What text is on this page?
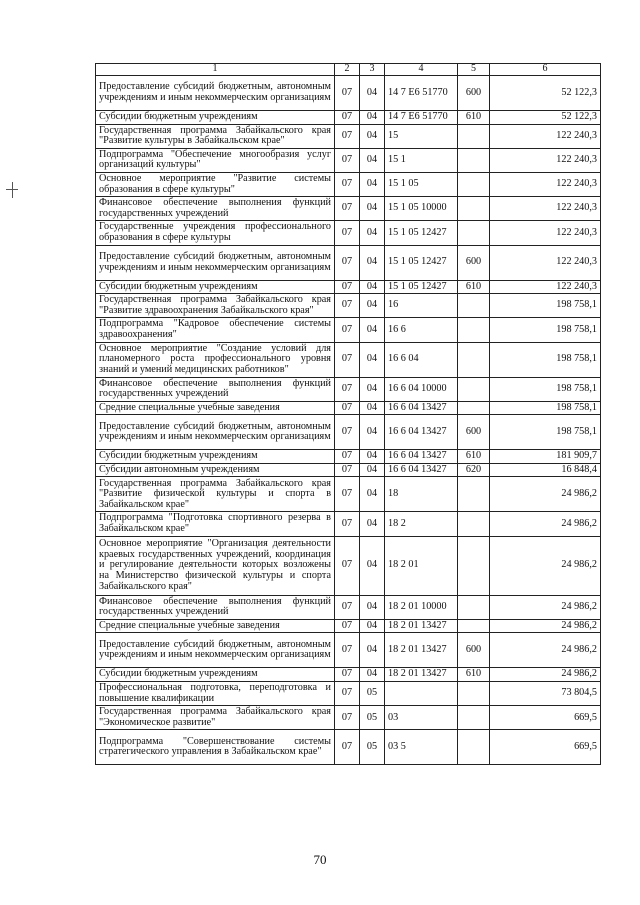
1	2	3	4	5	6
Предоставление субсидий бюджетным, автономным учреждениям и иным некоммерческим организациям	07	04	14 7 Е6 51770	600	52 122,3
Субсидии бюджетным учреждениям	07	04	14 7 Е6 51770	610	52 122,3
Государственная программа Забайкальского края "Развитие культуры в Забайкальском крае"	07	04	15		122 240,3
Подпрограмма "Обеспечение многообразия услуг организаций культуры"	07	04	15 1		122 240,3
Основное мероприятие "Развитие системы образования в сфере культуры"	07	04	15 1 05		122 240,3
Финансовое обеспечение выполнения функций государственных учреждений	07	04	15 1 05 10000		122 240,3
Государственные учреждения профессионального образования в сфере культуры	07	04	15 1 05 12427		122 240,3
Предоставление субсидий бюджетным, автономным учреждениям и иным некоммерческим организациям	07	04	15 1 05 12427	600	122 240,3
Субсидии бюджетным учреждениям	07	04	15 1 05 12427	610	122 240,3
Государственная программа Забайкальского края "Развитие здравоохранения Забайкальского края"	07	04	16		198 758,1
Подпрограмма "Кадровое обеспечение системы здравоохранения"	07	04	16 6		198 758,1
Основное мероприятие "Создание условий для планомерного роста профессионального уровня знаний и умений медицинских работников"	07	04	16 6 04		198 758,1
Финансовое обеспечение выполнения функций государственных учреждений	07	04	16 6 04 10000		198 758,1
Средние специальные учебные заведения	07	04	16 6 04 13427		198 758,1
Предоставление субсидий бюджетным, автономным учреждениям и иным некоммерческим организациям	07	04	16 6 04 13427	600	198 758,1
Субсидии бюджетным учреждениям	07	04	16 6 04 13427	610	181 909,7
Субсидии автономным учреждениям	07	04	16 6 04 13427	620	16 848,4
Государственная программа Забайкальского края "Развитие физической культуры и спорта в Забайкальском крае"	07	04	18		24 986,2
Подпрограмма "Подготовка спортивного резерва в Забайкальском крае"	07	04	18 2		24 986,2
Основное мероприятие "Организация деятельности краевых государственных учреждений, координация и регулирование деятельности которых возложены на Министерство физической культуры и спорта Забайкальского края"	07	04	18 2 01		24 986,2
Финансовое обеспечение выполнения функций государственных учреждений	07	04	18 2 01 10000		24 986,2
Средние специальные учебные заведения	07	04	18 2 01 13427		24 986,2
Предоставление субсидий бюджетным, автономным учреждениям и иным некоммерческим организациям	07	04	18 2 01 13427	600	24 986,2
Субсидии бюджетным учреждениям	07	04	18 2 01 13427	610	24 986,2
Профессиональная подготовка, переподготовка и повышение квалификации	07	05			73 804,5
Государственная программа Забайкальского края "Экономическое развитие"	07	05	03		669,5
Подпрограмма "Совершенствование системы стратегического управления в Забайкальском крае"	07	05	03 5		669,5
70
